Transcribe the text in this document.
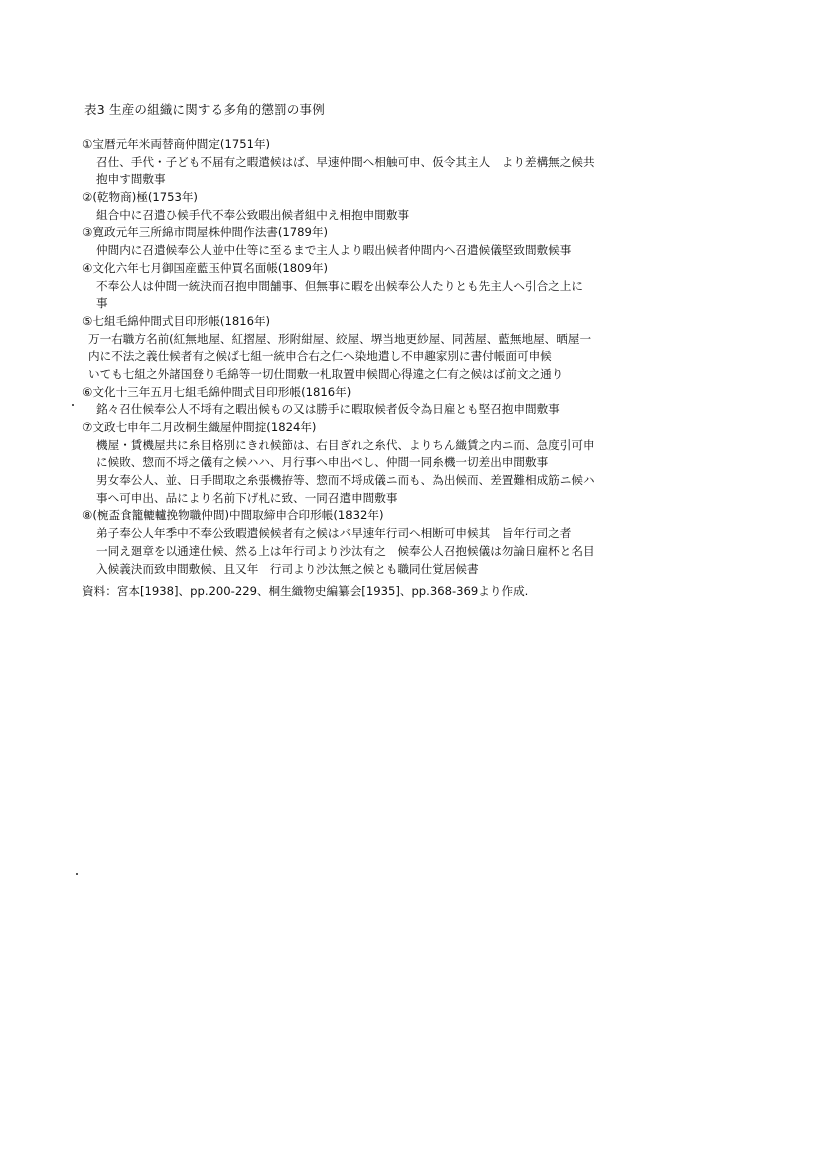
表3 生産の組織に関する多角的懲罰の事例
①宝暦元年米両替商仲間定(1751年)
召仕、手代・子ども不届有之暇遣候はば、早速仲間へ相触可申、仮令其主人　より差構無之候共
抱申す間敷事
②(乾物商)極(1753年)
組合中に召遣ひ候手代不奉公致暇出候者組中え相抱申間敷事
③寛政元年三所綿市問屋株仲間作法書(1789年)
仲間内に召遣候奉公人並中仕等に至るまで主人より暇出候者仲間内へ召遣候儀堅致間敷候事
④文化六年七月御国産藍玉仲買名面帳(1809年)
不奉公人は仲間一統決而召抱申間舗事、但無事に暇を出候奉公人たりとも先主人へ引合之上に
事
⑤七組毛綿仲間式目印形帳(1816年)
万一右職方名前(紅無地屋、紅摺屋、形附紺屋、絞屋、堺当地更紗屋、同茜屋、藍無地屋、晒屋一
内に不法之義仕候者有之候ば七組一統申合右之仁へ染地遣し不申趣家別に書付帳面可申候
いても七組之外諸国登り毛綿等一切仕間敷一札取置申候間心得違之仁有之候はば前文之通り
⑥文化十三年五月七組毛綿仲間式目印形帳(1816年)
銘々召仕候奉公人不埒有之暇出候もの又は勝手に暇取候者仮令為日雇とも堅召抱申間敷事
⑦文政七申年二月改桐生織屋仲間掟(1824年)
機屋・賃機屋共に糸目格別にきれ候節は、右目ぎれ之糸代、よりちん織賃之内ニ而、急度引可申
に候敗、惣而不埒之儀有之候ハハ、月行事へ申出べし、仲間一同糸機一切差出申間敷事
男女奉公人、並、日手間取之糸張機拵等、惣而不埒成儀ニ而も、為出候而、差置難相成筋ニ候ハ
事へ可申出、品により名前下げ札に致、一同召遣申間敷事
⑧(椀盃食籠轆轤挽物職仲間)中間取締申合印形帳(1832年)
弟子奉公人年季中不奉公致暇遣候候者有之候はバ早速年行司へ相断可申候其　旨年行司之者
一同え廻章を以通達仕候、然る上は年行司より沙汰有之　候奉公人召抱候儀は勿論日雇杯と名目
入候義決而致申間敷候、且又年　行司より沙汰無之候とも職同仕覚居候書
資料：宮本[1938]、pp.200-229、桐生織物史編纂会[1935]、pp.368-369より作成.
